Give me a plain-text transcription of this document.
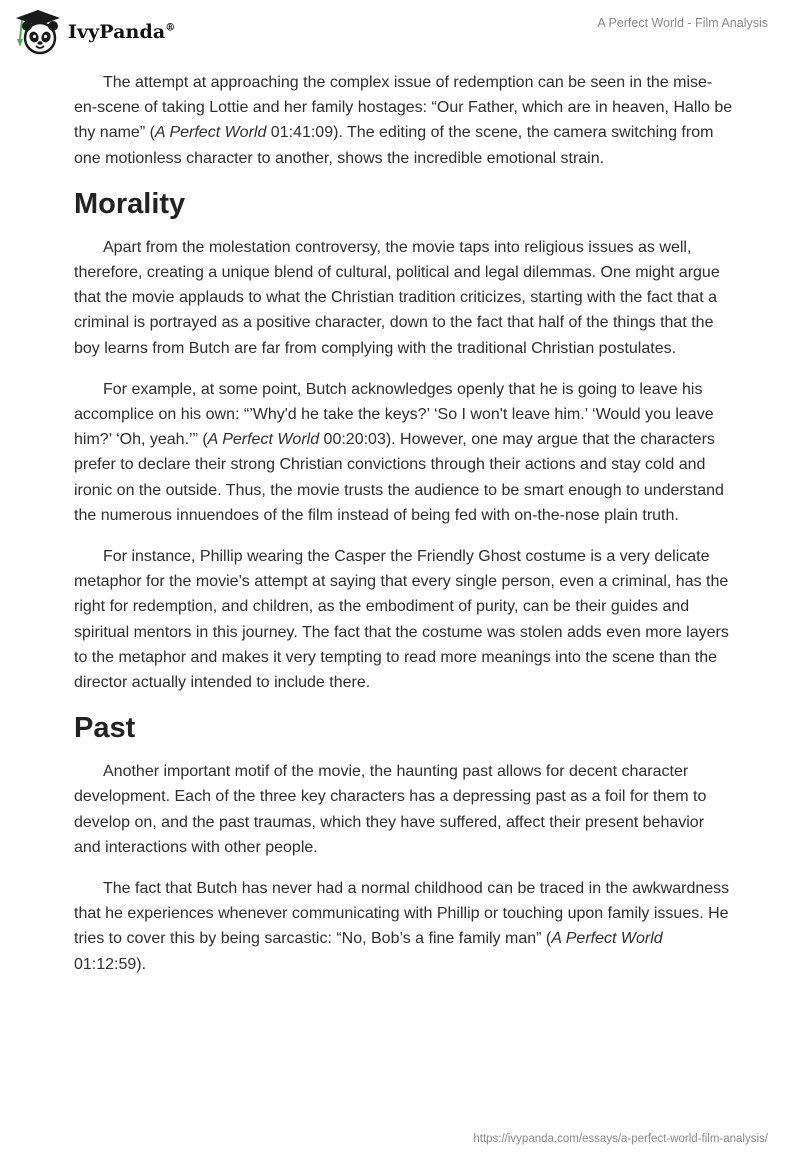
IvyPanda®	A Perfect World - Film Analysis

The attempt at approaching the complex issue of redemption can be seen in the mise-en-scene of taking Lottie and her family hostages: “Our Father, which are in heaven, Hallo be thy name” (A Perfect World 01:41:09). The editing of the scene, the camera switching from one motionless character to another, shows the incredible emotional strain.

Morality

Apart from the molestation controversy, the movie taps into religious issues as well, therefore, creating a unique blend of cultural, political and legal dilemmas. One might argue that the movie applauds to what the Christian tradition criticizes, starting with the fact that a criminal is portrayed as a positive character, down to the fact that half of the things that the boy learns from Butch are far from complying with the traditional Christian postulates.

For example, at some point, Butch acknowledges openly that he is going to leave his accomplice on his own: “’Why'd he take the keys?’ ‘So I won't leave him.’ ‘Would you leave him?’ ‘Oh, yeah.’” (A Perfect World 00:20:03). However, one may argue that the characters prefer to declare their strong Christian convictions through their actions and stay cold and ironic on the outside. Thus, the movie trusts the audience to be smart enough to understand the numerous innuendoes of the film instead of being fed with on-the-nose plain truth.

For instance, Phillip wearing the Casper the Friendly Ghost costume is a very delicate metaphor for the movie’s attempt at saying that every single person, even a criminal, has the right for redemption, and children, as the embodiment of purity, can be their guides and spiritual mentors in this journey. The fact that the costume was stolen adds even more layers to the metaphor and makes it very tempting to read more meanings into the scene than the director actually intended to include there.

Past

Another important motif of the movie, the haunting past allows for decent character development. Each of the three key characters has a depressing past as a foil for them to develop on, and the past traumas, which they have suffered, affect their present behavior and interactions with other people.

The fact that Butch has never had a normal childhood can be traced in the awkwardness that he experiences whenever communicating with Phillip or touching upon family issues. He tries to cover this by being sarcastic: “No, Bob’s a fine family man” (A Perfect World 01:12:59).

https://ivypanda.com/essays/a-perfect-world-film-analysis/
